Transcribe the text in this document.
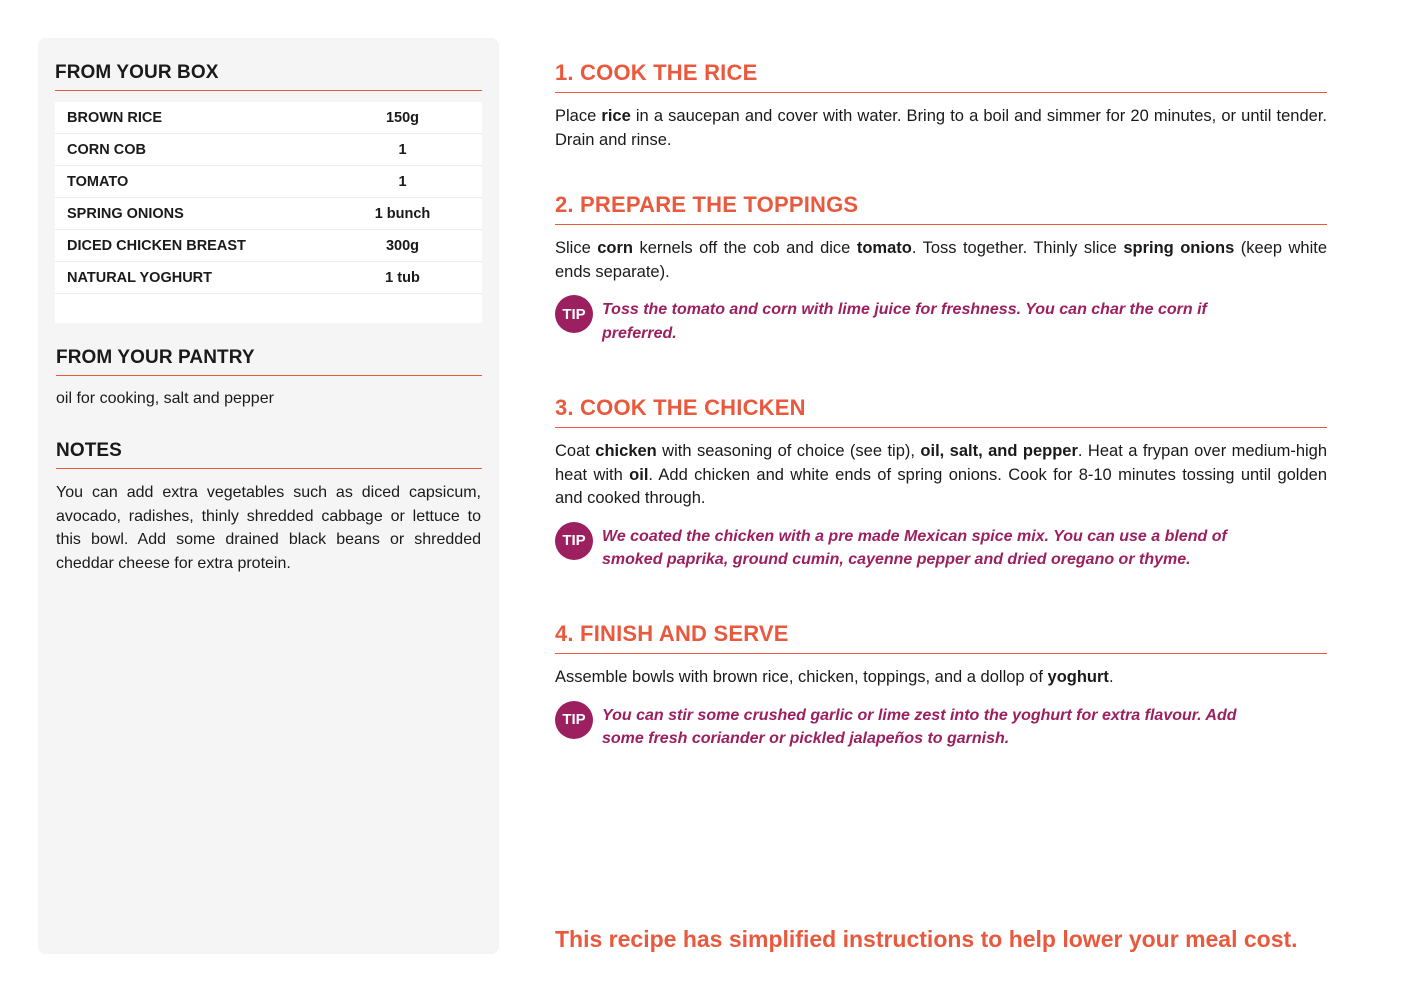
FROM YOUR BOX
BROWN RICE	150g
CORN COB	1
TOMATO	1
SPRING ONIONS	1 bunch
DICED CHICKEN BREAST	300g
NATURAL YOGHURT	1 tub
FROM YOUR PANTRY
oil for cooking, salt and pepper
NOTES
You can add extra vegetables such as diced capsicum, avocado, radishes, thinly shredded cabbage or lettuce to this bowl. Add some drained black beans or shredded cheddar cheese for extra protein.
1. COOK THE RICE
Place rice in a saucepan and cover with water. Bring to a boil and simmer for 20 minutes, or until tender. Drain and rinse.
2. PREPARE THE TOPPINGS
Slice corn kernels off the cob and dice tomato. Toss together. Thinly slice spring onions (keep white ends separate).
TIP	Toss the tomato and corn with lime juice for freshness. You can char the corn if preferred.
3. COOK THE CHICKEN
Coat chicken with seasoning of choice (see tip), oil, salt, and pepper. Heat a frypan over medium-high heat with oil. Add chicken and white ends of spring onions. Cook for 8-10 minutes tossing until golden and cooked through.
TIP	We coated the chicken with a pre made Mexican spice mix. You can use a blend of smoked paprika, ground cumin, cayenne pepper and dried oregano or thyme.
4. FINISH AND SERVE
Assemble bowls with brown rice, chicken, toppings, and a dollop of yoghurt.
TIP	You can stir some crushed garlic or lime zest into the yoghurt for extra flavour. Add some fresh coriander or pickled jalapeños to garnish.
This recipe has simplified instructions to help lower your meal cost.
